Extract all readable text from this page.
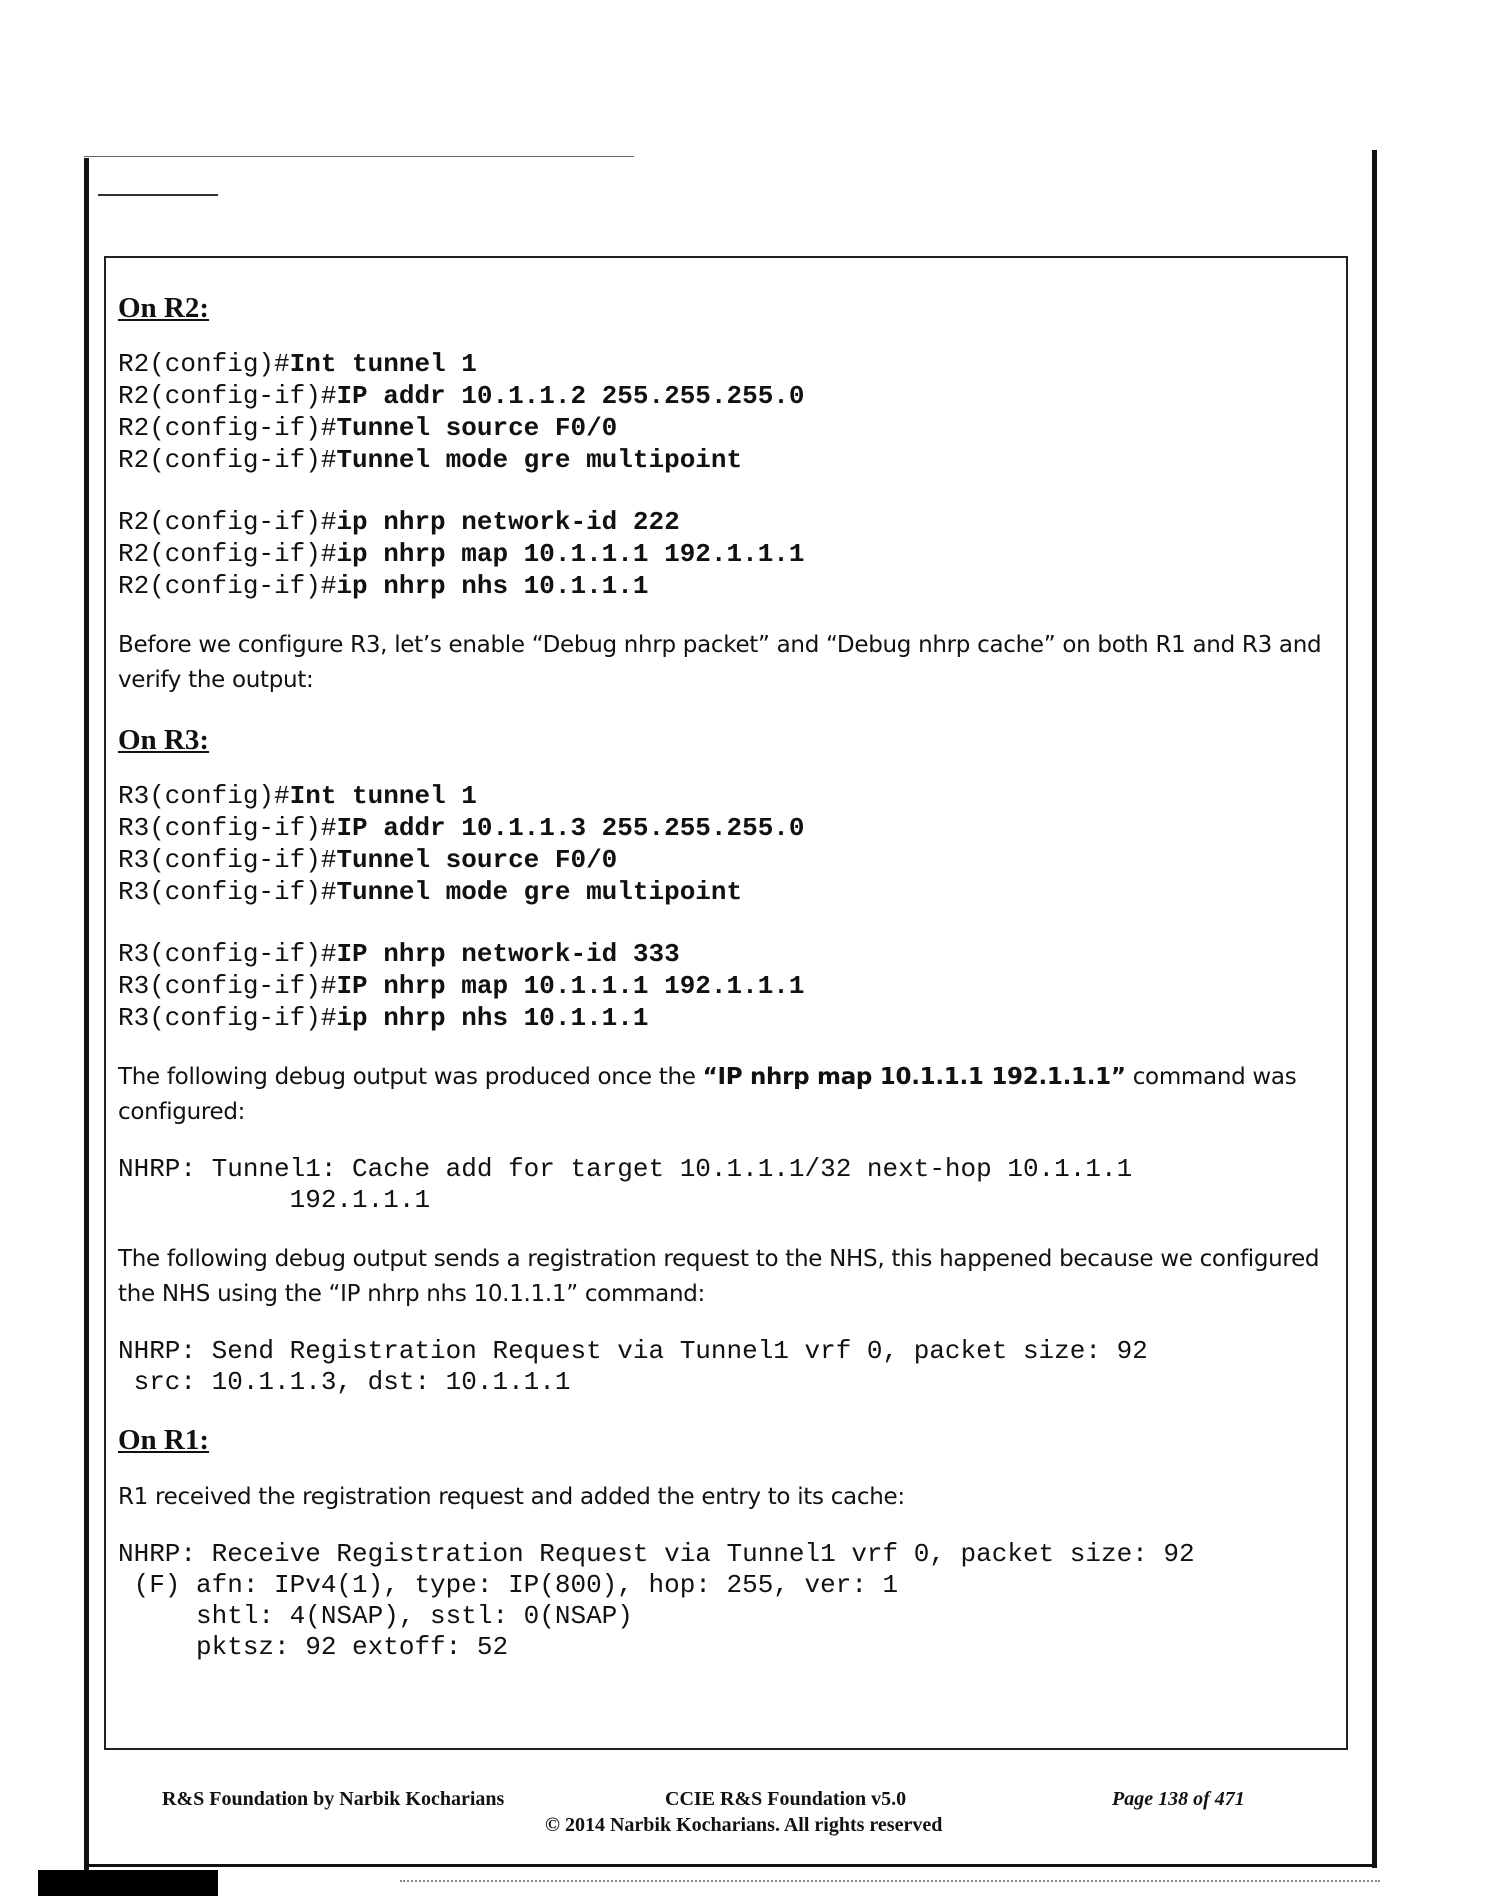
On R2:
R2(config)#Int tunnel 1
R2(config-if)#IP addr 10.1.1.2 255.255.255.0
R2(config-if)#Tunnel source F0/0
R2(config-if)#Tunnel mode gre multipoint
R2(config-if)#ip nhrp network-id 222
R2(config-if)#ip nhrp map 10.1.1.1 192.1.1.1
R2(config-if)#ip nhrp nhs 10.1.1.1

Before we configure R3, let’s enable “Debug nhrp packet” and “Debug nhrp cache” on both R1 and R3 and verify the output:

On R3:
R3(config)#Int tunnel 1
R3(config-if)#IP addr 10.1.1.3 255.255.255.0
R3(config-if)#Tunnel source F0/0
R3(config-if)#Tunnel mode gre multipoint
R3(config-if)#IP nhrp network-id 333
R3(config-if)#IP nhrp map 10.1.1.1 192.1.1.1
R3(config-if)#ip nhrp nhs 10.1.1.1

The following debug output was produced once the “IP nhrp map 10.1.1.1 192.1.1.1” command was configured:

NHRP: Tunnel1: Cache add for target 10.1.1.1/32 next-hop 10.1.1.1
192.1.1.1

The following debug output sends a registration request to the NHS, this happened because we configured the NHS using the “IP nhrp nhs 10.1.1.1” command:

NHRP: Send Registration Request via Tunnel1 vrf 0, packet size: 92
src: 10.1.1.3, dst: 10.1.1.1
On R1:

R1 received the registration request and added the entry to its cache:

NHRP: Receive Registration Request via Tunnel1 vrf 0, packet size: 92
(F) afn: IPv4(1), type: IP(800), hop: 255, ver: 1
shtl: 4(NSAP), sstl: 0(NSAP)
pktsz: 92 extoff: 52
R&S Foundation by Narbik Kocharians	CCIE R&S Foundation v5.0	Page 138 of 471
© 2014 Narbik Kocharians. All rights reserved
